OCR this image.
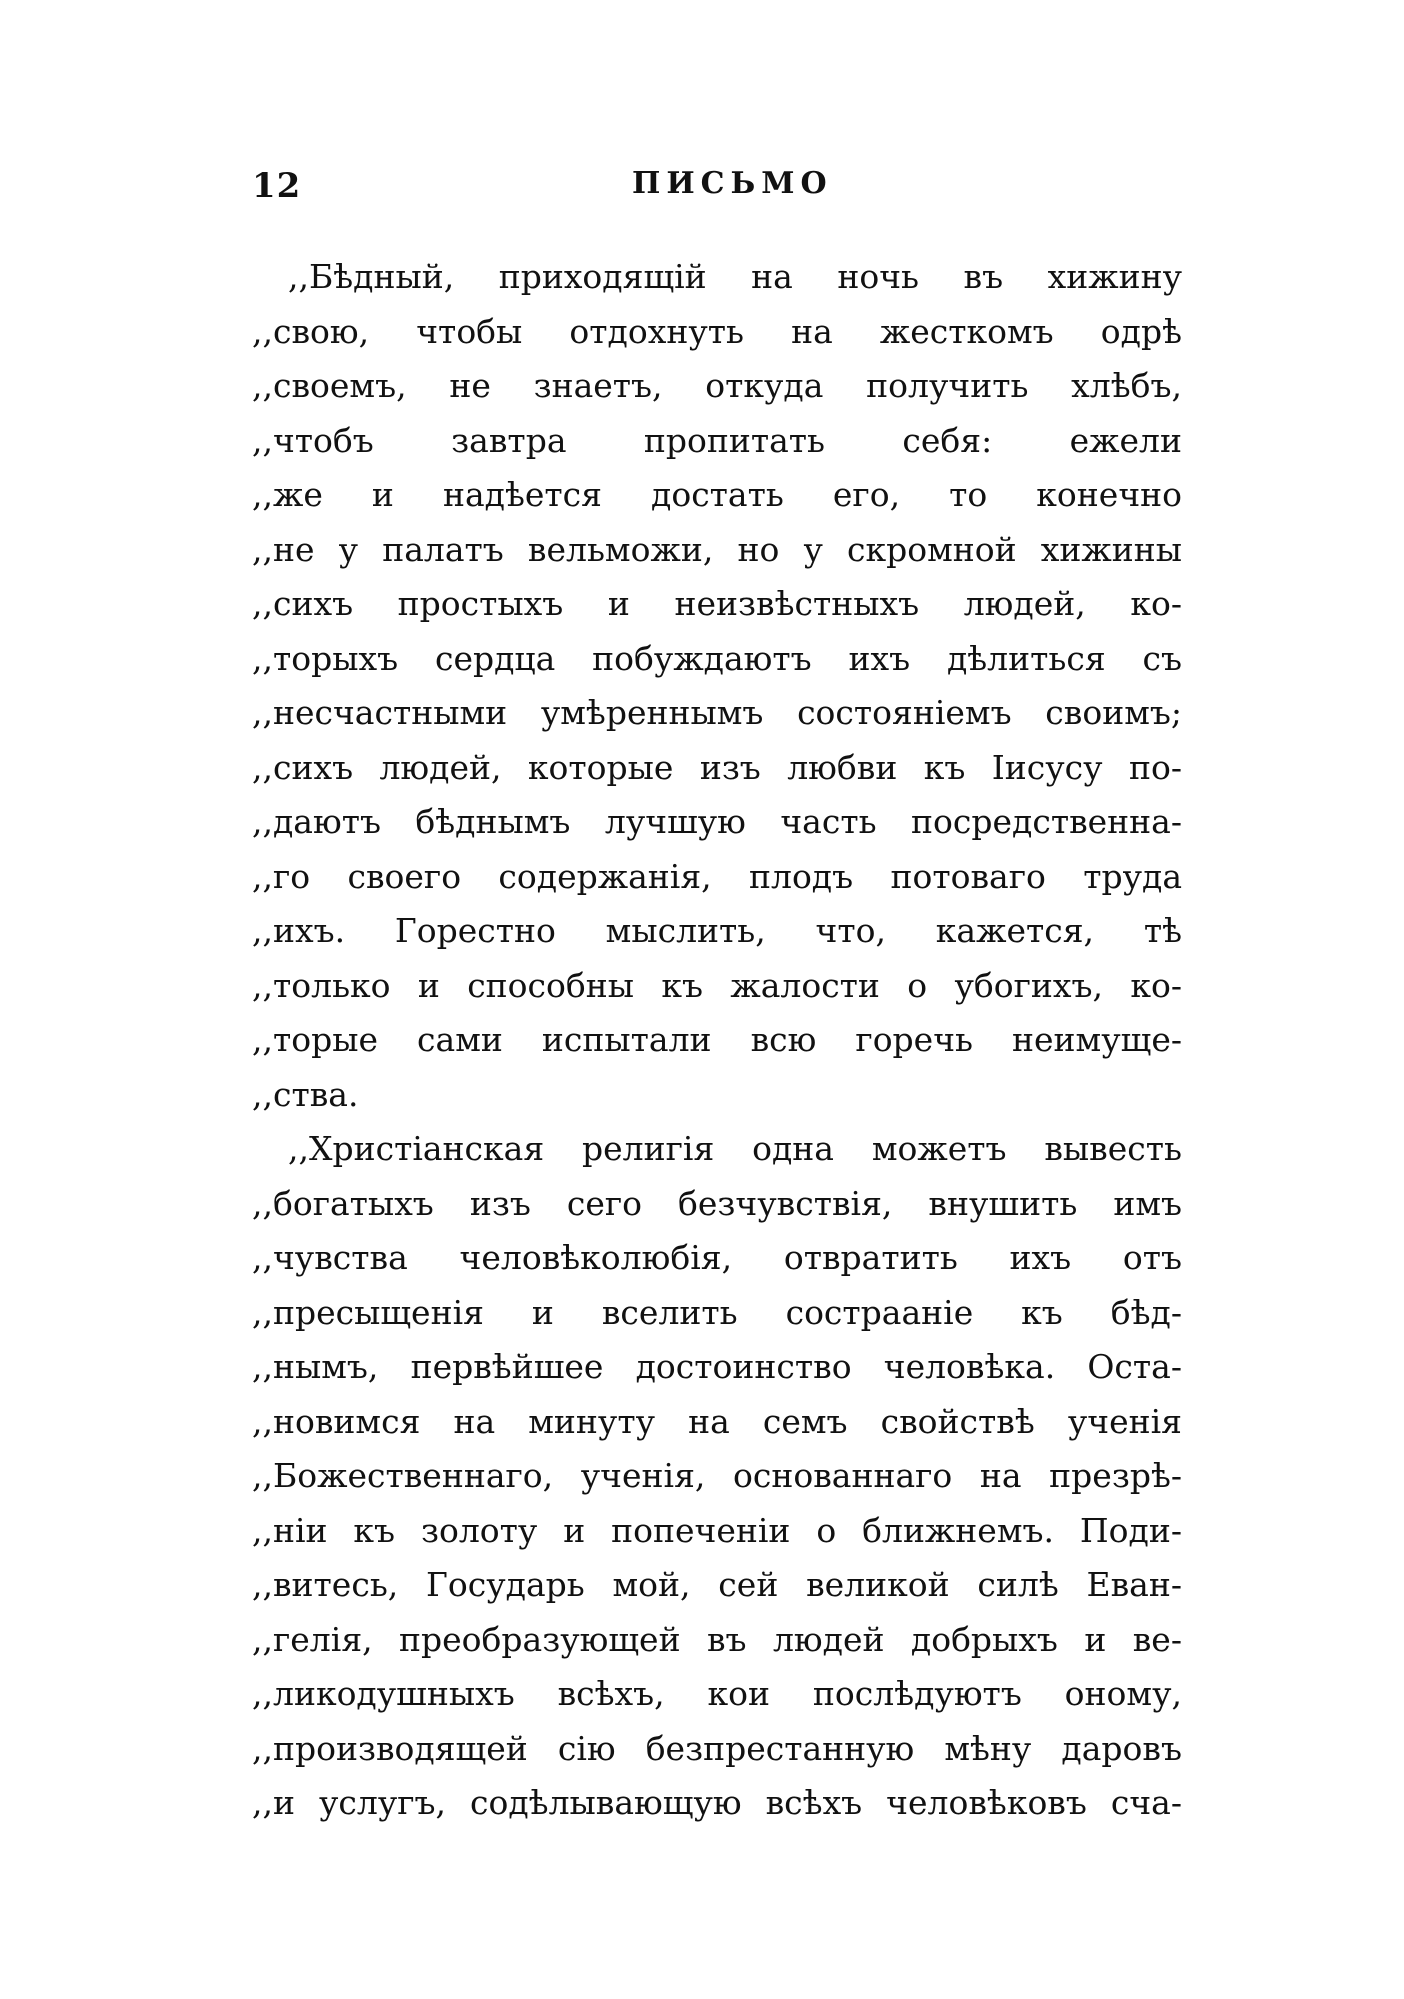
12	ПИСЬМО
,,Бѣдный, приходящій на ночь въ хижину
,,свою, чтобы отдохнуть на жесткомъ одрѣ
,,своемъ, не знаетъ, откуда получить хлѣбъ,
,,чтобъ завтра пропитать себя: ежели
,,же и надѣется достать его, то конечно
,,не у палатъ вельможи, но у скромной хижины
,,сихъ простыхъ и неизвѣстныхъ людей, ко-
,,торыхъ сердца побуждаютъ ихъ дѣлиться съ
,,несчастными умѣреннымъ состояніемъ своимъ;
,,сихъ людей, которые изъ любви къ Іисусу по-
,,даютъ бѣднымъ лучшую часть посредственна-
,,го своего содержанія, плодъ потоваго труда
,,ихъ. Горестно мыслить, что, кажется, тѣ
,,только и способны къ жалости о убогихъ, ко-
,,торые сами испытали всю горечь неимуще-
,,ства.
,,Христіанская религія одна можетъ вывесть
,,богатыхъ изъ сего безчувствія, внушить имъ
,,чувства человѣколюбія, отвратить ихъ отъ
,,пресыщенія и вселить сострааніе къ бѣд-
,,нымъ, первѣйшее достоинство человѣка. Оста-
,,новимся на минуту на семъ свойствѣ ученія
,,Божественнаго, ученія, основаннаго на презрѣ-
,,ніи къ золоту и попеченіи о ближнемъ. Поди-
,,витесь, Государь мой, сей великой силѣ Еван-
,,гелія, преобразующей въ людей добрыхъ и ве-
,,ликодушныхъ всѣхъ, кои послѣдуютъ оному,
,,производящей сію безпрестанную мѣну даровъ
,,и услугъ, содѣлывающую всѣхъ человѣковъ сча-
